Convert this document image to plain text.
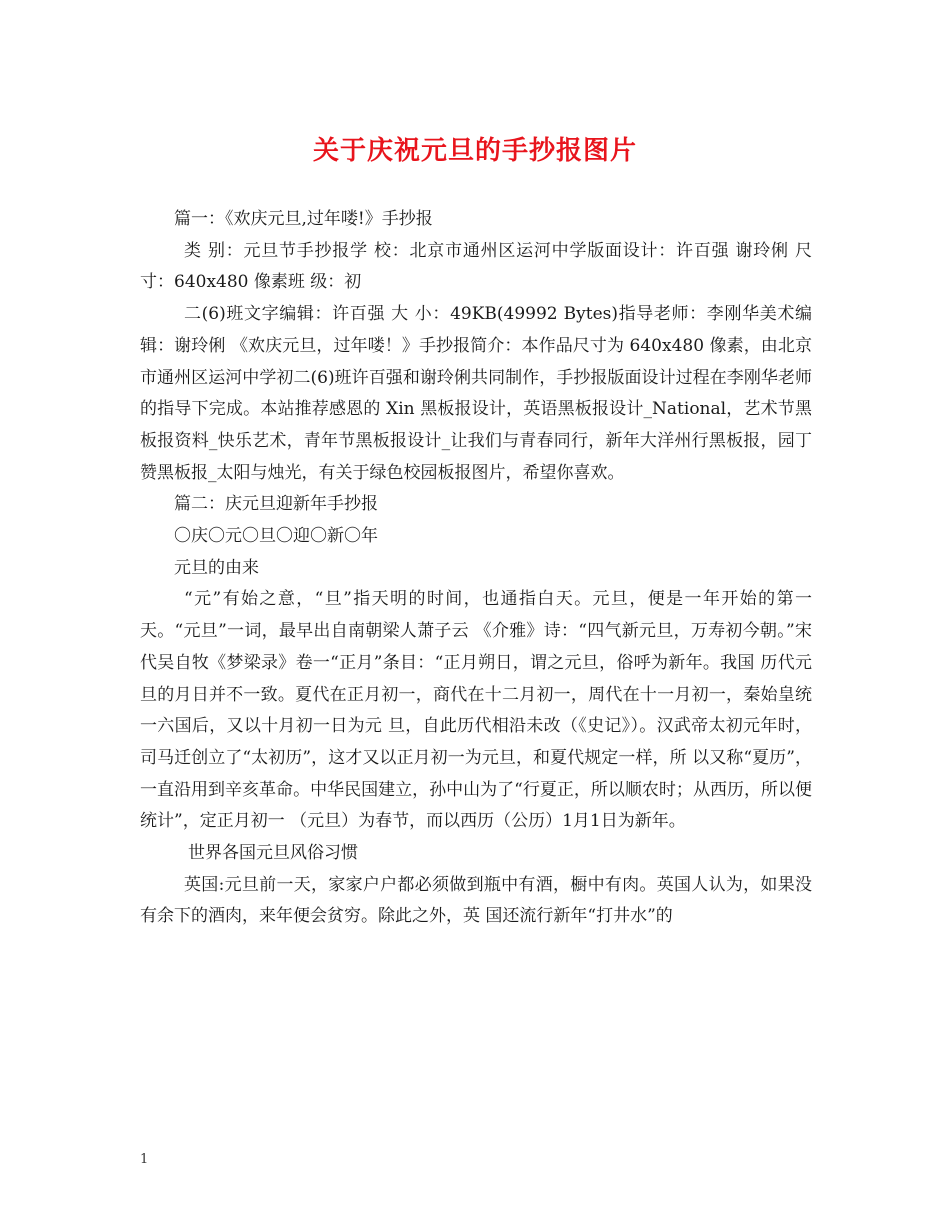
关于庆祝元旦的手抄报图片

篇一：《欢庆元旦,过年喽!》手抄报

类 别：元旦节手抄报学 校：北京市通州区运河中学版面设计：许百强 谢玲俐 尺 寸：640x480 像素班 级：初

二(6)班文字编辑：许百强 大 小：49KB(49992 Bytes)指导老师：李刚华美术编辑：谢玲俐 《欢庆元旦，过年喽！》手抄报简介：本作品尺寸为 640x480 像素，由北京市通州区运河中学初二(6)班许百强和谢玲俐共同制作，手抄报版面设计过程在李刚华老师的指导下完成。本站推荐感恩的 Xin 黑板报设计，英语黑板报设计_National，艺术节黑板报资料_快乐艺术，青年节黑板报设计_让我们与青春同行，新年大洋州行黑板报，园丁赞黑板报_太阳与烛光，有关于绿色校园板报图片，希望你喜欢。

篇二：庆元旦迎新年手抄报

〇庆〇元〇旦〇迎〇新〇年

元旦的由来

“元”有始之意，“旦”指天明的时间，也通指白天。元旦，便是一年开始的第一天。“元旦”一词，最早出自南朝梁人萧子云 《介雅》诗：“四气新元旦，万寿初今朝。”宋代吴自牧《梦梁录》卷一“正月”条目：“正月朔日，谓之元旦，俗呼为新年。我国 历代元旦的月日并不一致。夏代在正月初一，商代在十二月初一，周代在十一月初一，秦始皇统一六国后，又以十月初一日为元 旦，自此历代相沿未改（《史记》）。汉武帝太初元年时，司马迁创立了“太初历”，这才又以正月初一为元旦，和夏代规定一样，所 以又称“夏历”，一直沿用到辛亥革命。中华民国建立，孙中山为了“行夏正，所以顺农时；从西历，所以便统计”，定正月初一 （元旦）为春节，而以西历（公历）1月1日为新年。

世界各国元旦风俗习惯

英国:元旦前一天，家家户户都必须做到瓶中有酒，橱中有肉。英国人认为，如果没有余下的酒肉，来年便会贫穷。除此之外，英 国还流行新年“打井水”的

1
